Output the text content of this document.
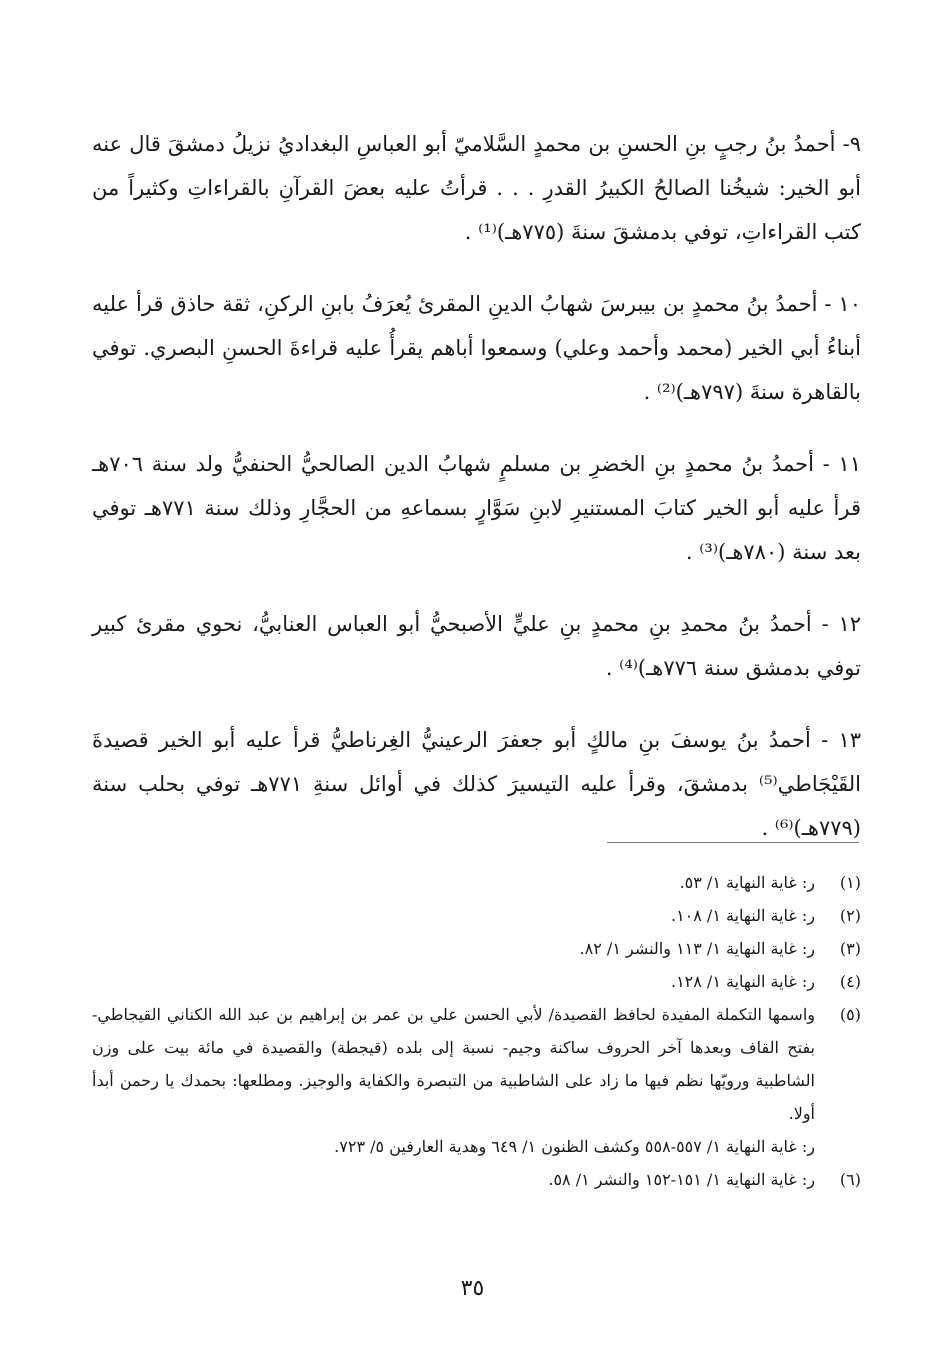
٩- أحمدُ بنُ رجبٍ بنِ الحسنِ بن محمدٍ السَّلاميّ أبو العباسِ البغداديُ نزيلُ دمشقَ قال عنه أبو الخير: شيخُنا الصالحُ الكبيرُ القدرِ . . . قرأتُ عليه بعضَ القرآنِ بالقراءاتِ وكثيراً من كتب القراءاتِ، توفي بدمشقَ سنةَ (٧٧٥هـ)⁽¹⁾ .

١٠ - أحمدُ بنُ محمدٍ بن بيبرسَ شهابُ الدينِ المقرئ يُعرَفُ بابنِ الركنِ، ثقة حاذق قرأ عليه أبناءُ أبي الخير (محمد وأحمد وعلي) وسمعوا أباهم يقرأُ عليه قراءةَ الحسنِ البصري. توفي بالقاهرة سنةَ (٧٩٧هـ)⁽²⁾ .

١١ - أحمدُ بنُ محمدٍ بنِ الخضرِ بن مسلمٍ شهابُ الدين الصالحيُّ الحنفيُّ ولد سنة ٧٠٦هـ قرأ عليه أبو الخير كتابَ المستنيرِ لابنِ سَوَّارٍ بسماعهِ من الحجَّارِ وذلك سنة ٧٧١هـ توفي بعد سنة (٧٨٠هـ)⁽³⁾ .

١٢ - أحمدُ بنُ محمدِ بنِ محمدٍ بنِ عليٍّ الأصبحيُّ أبو العباس العنابيُّ، نحوي مقرئ كبير توفي بدمشق سنة ٧٧٦هـ)⁽⁴⁾ .

١٣ - أحمدُ بنُ يوسفَ بنِ مالكٍ أبو جعفرَ الرعينيُّ الغِرناطيُّ قرأ عليه أبو الخير قصيدةَ القَيْجَاطي⁽⁵⁾ بدمشقَ، وقرأ عليه التيسيرَ كذلك في أوائل سنةِ ٧٧١هـ توفي بحلب سنة (٧٧٩هـ)⁽⁶⁾ .

(١)
ر: غاية النهاية ١/ ٥٣.
(٢)
ر: غاية النهاية ١/ ١٠٨.
(٣)
ر: غاية النهاية ١/ ١١٣ والنشر ١/ ٨٢.
(٤)
ر: غاية النهاية ١/ ١٢٨.
(٥)
واسمها التكملة المفيدة لحافظ القصيدة/ لأبي الحسن علي بن عمر بن إبراهيم بن عبد الله الكناني القيجاطي- بفتح القاف وبعدها آخر الحروف ساكنة وجيم- نسبة إلى بلده (قيجطة) والقصيدة في مائة بيت على وزن الشاطبية ورويّها نظم فيها ما زاد على الشاطبية من التبصرة والكفاية والوجيز. ومطلعها: بحمدك يا رحمن أبدأ أولا.
ر: غاية النهاية ١/ ٥٥٧-٥٥٨ وكشف الظنون ١/ ٦٤٩ وهدية العارفين ٥/ ٧٢٣.
(٦)
ر: غاية النهاية ١/ ١٥١-١٥٢ والنشر ١/ ٥٨.
٣٥
